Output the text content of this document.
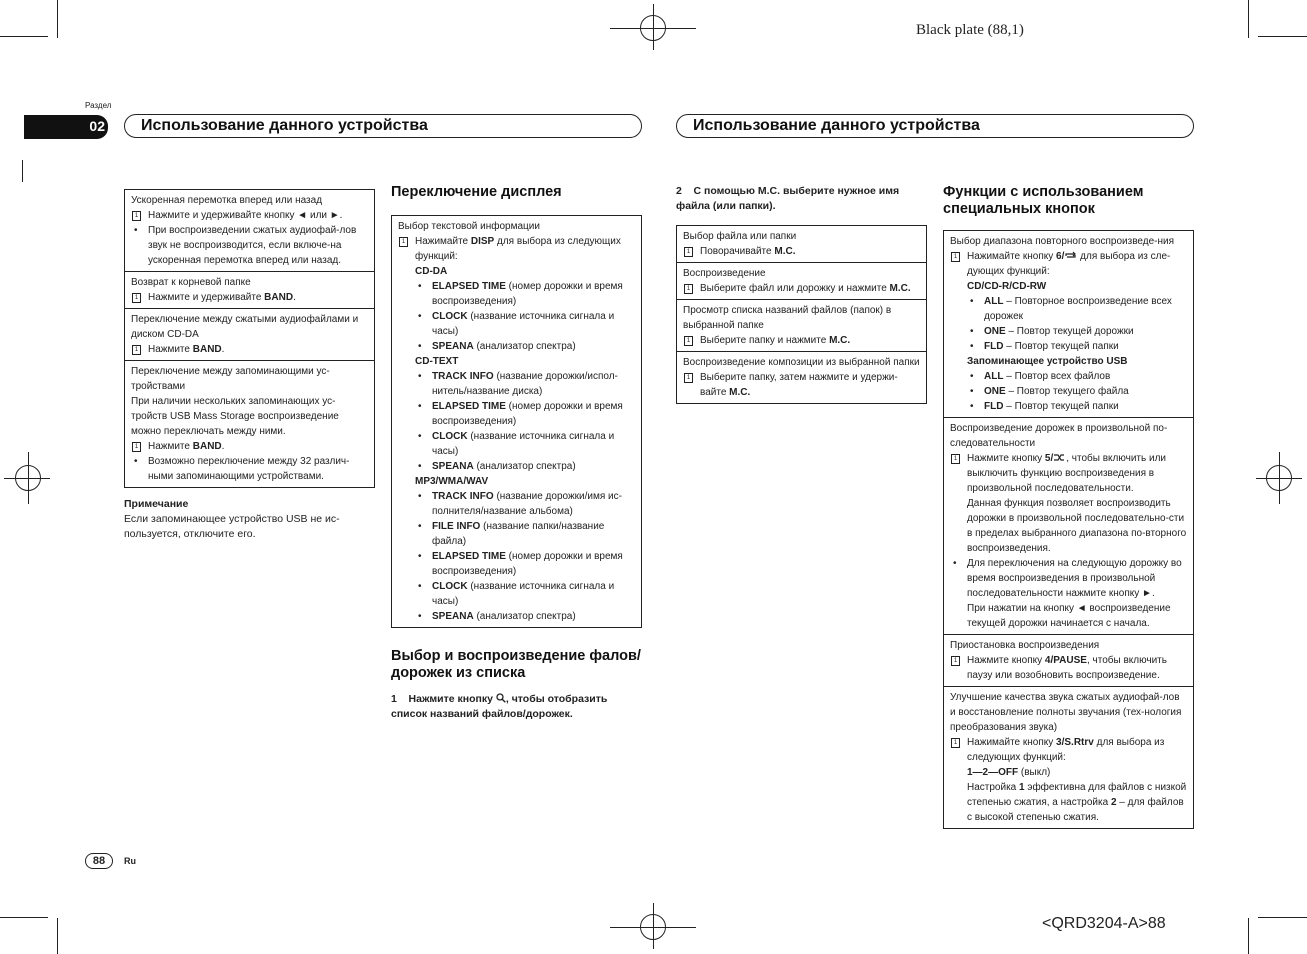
Black plate (88,1)
<QRD3204-A>88
Раздел
02	Использование данного устройства	Использование данного устройства
Ускоренная перемотка вперед или назад
1 Нажмите и удерживайте кнопку ◄ или ►.
• При воспроизведении сжатых аудиофай-лов звук не воспроизводится, если включе-на ускоренная перемотка вперед или назад.
Возврат к корневой папке
1 Нажмите и удерживайте BAND.
Переключение между сжатыми аудиофайлами и диском CD-DA
1 Нажмите BAND.
Переключение между запоминающими ус-тройствами
При наличии нескольких запоминающих ус-тройств USB Mass Storage воспроизведение можно переключать между ними.
1 Нажмите BAND.
• Возможно переключение между 32 различ-ными запоминающими устройствами.
Примечание
Если запоминающее устройство USB не ис-пользуется, отключите его.
Переключение дисплея
Выбор текстовой информации
1 Нажимайте DISP для выбора из следующих функций:
CD-DA
• ELAPSED TIME (номер дорожки и время воспроизведения)
• CLOCK (название источника сигнала и часы)
• SPEANA (анализатор спектра)
CD-TEXT
• TRACK INFO (название дорожки/испол-нитель/название диска)
• ELAPSED TIME (номер дорожки и время воспроизведения)
• CLOCK (название источника сигнала и часы)
• SPEANA (анализатор спектра)
MP3/WMA/WAV
• TRACK INFO (название дорожки/имя ис-полнителя/название альбома)
• FILE INFO (название папки/название файла)
• ELAPSED TIME (номер дорожки и время воспроизведения)
• CLOCK (название источника сигнала и часы)
• SPEANA (анализатор спектра)
Выбор и воспроизведение фалов/дорожек из списка
1 Нажмите кнопку , чтобы отобразить список названий файлов/дорожек.
2 С помощью M.C. выберите нужное имя файла (или папки).
Выбор файла или папки
1 Поворачивайте M.C.
Воспроизведение
1 Выберите файл или дорожку и нажмите M.C.
Просмотр списка названий файлов (папок) в выбранной папке
1 Выберите папку и нажмите M.C.
Воспроизведение композиции из выбранной папки
1 Выберите папку, затем нажмите и удержи-вайте M.C.
Функции с использованием специальных кнопок
Выбор диапазона повторного воспроизведе-ния
1 Нажимайте кнопку 6/ для выбора из сле-дующих функций:
CD/CD-R/CD-RW
• ALL – Повторное воспроизведение всех дорожек
• ONE – Повтор текущей дорожки
• FLD – Повтор текущей папки
Запоминающее устройство USB
• ALL – Повтор всех файлов
• ONE – Повтор текущего файла
• FLD – Повтор текущей папки
Воспроизведение дорожек в произвольной по-следовательности
1 Нажмите кнопку 5/ , чтобы включить или выключить функцию воспроизведения в произвольной последовательности.
Данная функция позволяет воспроизводить дорожки в произвольной последовательно-сти в пределах выбранного диапазона по-вторного воспроизведения.
• Для переключения на следующую дорожку во время воспроизведения в произвольной последовательности нажмите кнопку ►.
При нажатии на кнопку ◄ воспроизведение текущей дорожки начинается с начала.
Приостановка воспроизведения
1 Нажмите кнопку 4/PAUSE, чтобы включить паузу или возобновить воспроизведение.
Улучшение качества звука сжатых аудиофай-лов и восстановление полноты звучания (тех-нология преобразования звука)
1 Нажимайте кнопку 3/S.Rtrv для выбора из следующих функций:
1—2—OFF (выкл)
Настройка 1 эффективна для файлов с низкой степенью сжатия, а настройка 2 – для файлов с высокой степенью сжатия.
88	Ru
